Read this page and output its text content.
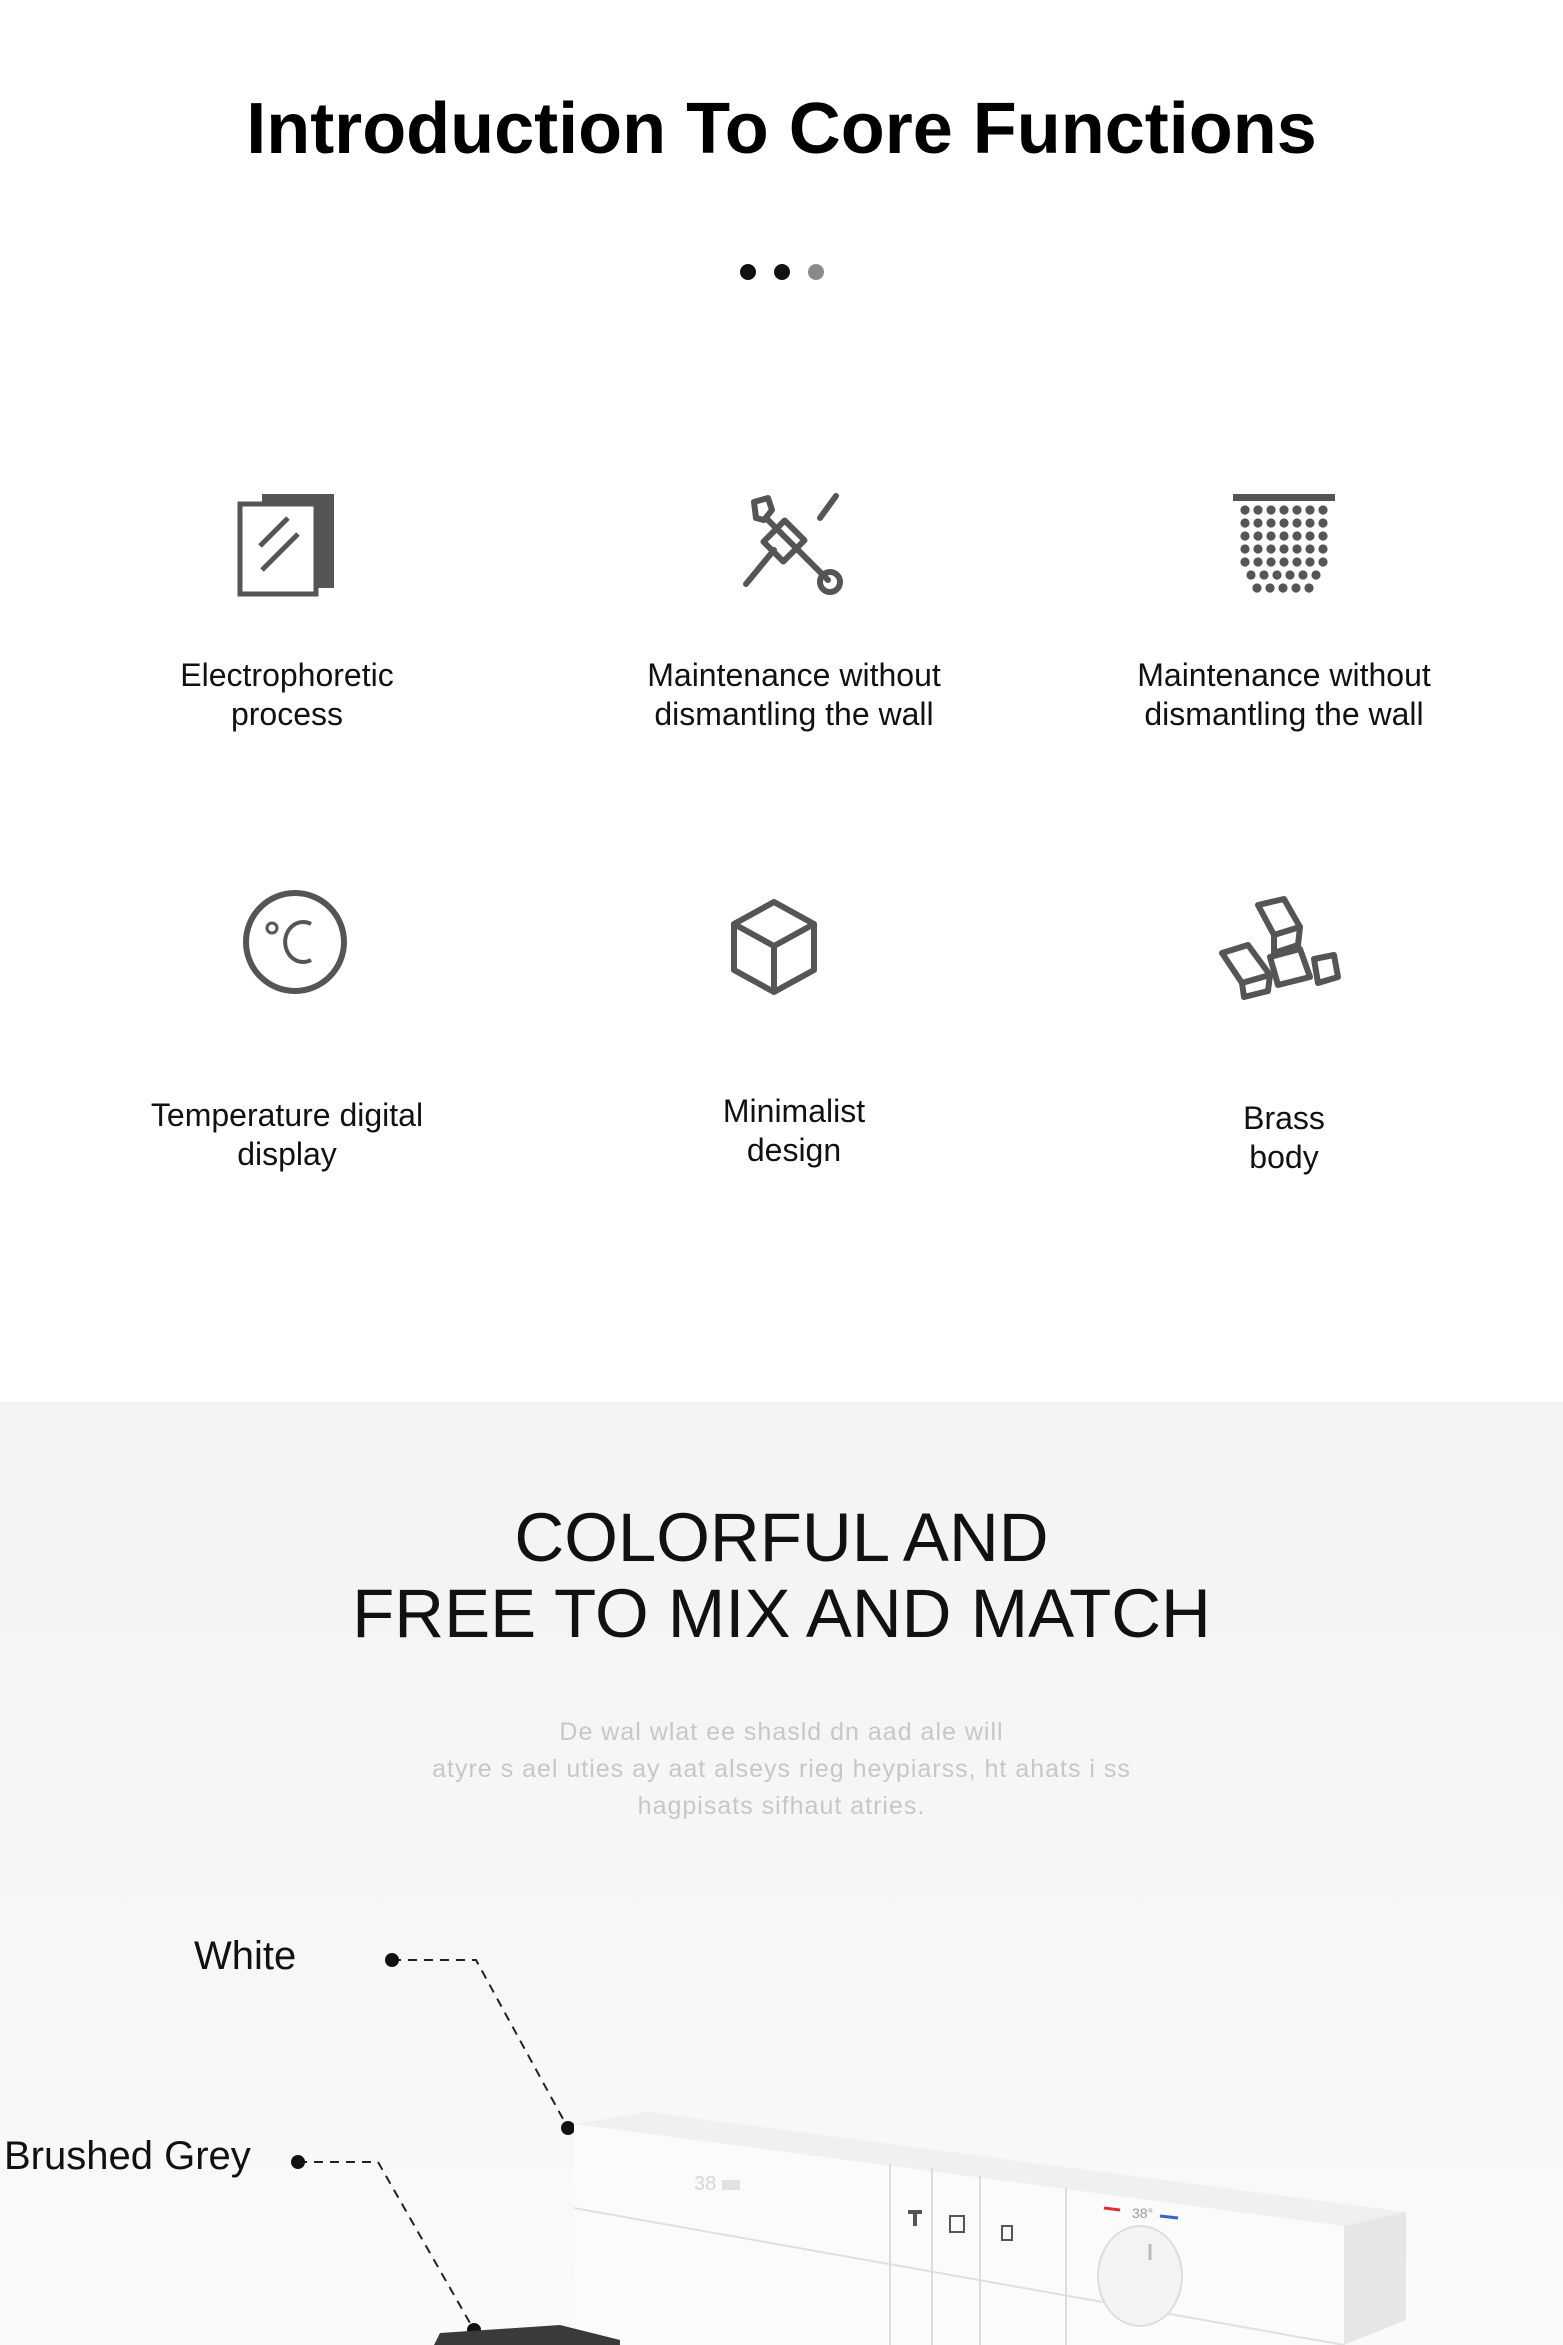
Introduction To Core Functions

Electrophoretic
process

Maintenance without
dismantling the wall

Maintenance without
dismantling the wall

Temperature digital
display

Minimalist
design

Brass
body

COLORFUL AND
FREE TO MIX AND MATCH
De wal wlat ee shasld dn aad ale will
atyre s ael uties ay aat alseys rieg heypiarss, ht ahats i ss
hagpisats sifhaut atries.
White
Brushed Grey
38
38°
